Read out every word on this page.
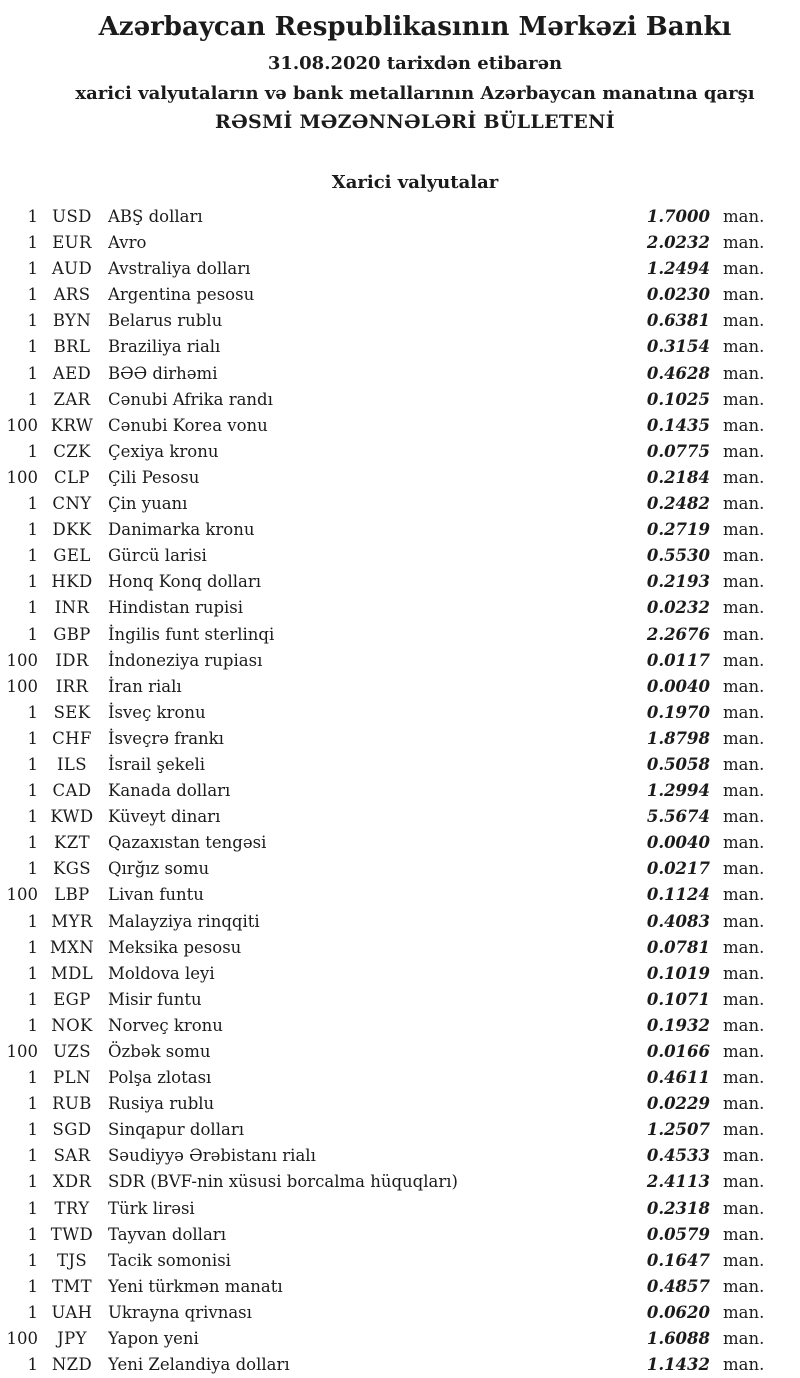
Azərbaycan Respublikasının Mərkəzi Bankı
31.08.2020 tarixdən etibarən
xarici valyutaların və bank metallarının Azərbaycan manatına qarşı
RƏSMİ MƏZƏNNƏLƏRİ BÜLLETENİ
Xarici valyutalar
1 USD ABŞ dolları	1.7000 man.
1 EUR Avro	2.0232 man.
1 AUD Avstraliya dolları	1.2494 man.
1 ARS	Argentina pesosu	0.0230 man.
1 BYN	Belarus rublu	0.6381 man.
1 BRL	Braziliya rialı	0.3154 man.
1 AED	BƏƏ dirhəmi	0.4628 man.
1 ZAR	Cənubi Afrika randı	0.1025 man.
100 KRW Cənubi Korea vonu	0.1435 man.
1 CZK	Çexiya kronu	0.0775 man.
100 CLP	Çili Pesosu	0.2184 man.
1 CNY Çin yuanı	0.2482 man.
1 DKK Danimarka kronu	0.2719 man.
1 GEL	Gürcü larisi	0.5530 man.
1 HKD Honq Konq dolları	0.2193 man.
1	INR	Hindistan rupisi	0.0232 man.
1 GBP	İngilis funt sterlinqi	2.2676 man.
100	IDR	İndoneziya rupiası	0.0117 man.
100	IRR	İran rialı	0.0040 man.
1 SEK	İsveç kronu	0.1970 man.
1 CHF İsveçrə frankı	1.8798 man.
1	ILS	İsrail şekeli	0.5058 man.
1 CAD	Kanada dolları	1.2994 man.
1 KWD Küveyt dinarı	5.5674 man.
1 KZT	Qazaxıstan tengəsi	0.0040 man.
1 KGS	Qırğız somu	0.0217 man.
100 LBP	Livan funtu	0.1124 man.
1 MYR Malayziya rinqqiti	0.4083 man.
1 MXN Meksika pesosu	0.0781 man.
1 MDL Moldova leyi	0.1019 man.
1 EGP	Misir funtu	0.1071 man.
1 NOK Norveç kronu	0.1932 man.
100 UZS	Özbək somu	0.0166 man.
1 PLN	Polşa zlotası	0.4611 man.
1 RUB Rusiya rublu	0.0229 man.
1 SGD	Sinqapur dolları	1.2507 man.
1 SAR	Səudiyyə Ərəbistanı rialı	0.4533 man.
1 XDR	SDR (BVF-nin xüsusi borcalma hüquqları)	2.4113 man.
1 TRY	Türk lirəsi	0.2318 man.
1 TWD Tayvan dolları	0.0579 man.
1	TJS	Tacik somonisi	0.1647 man.
1 TMT Yeni türkmən manatı	0.4857 man.
1 UAH Ukrayna qrivnası	0.0620 man.
100	JPY	Yapon yeni	1.6088 man.
1 NZD Yeni Zelandiya dolları	1.1432 man.
